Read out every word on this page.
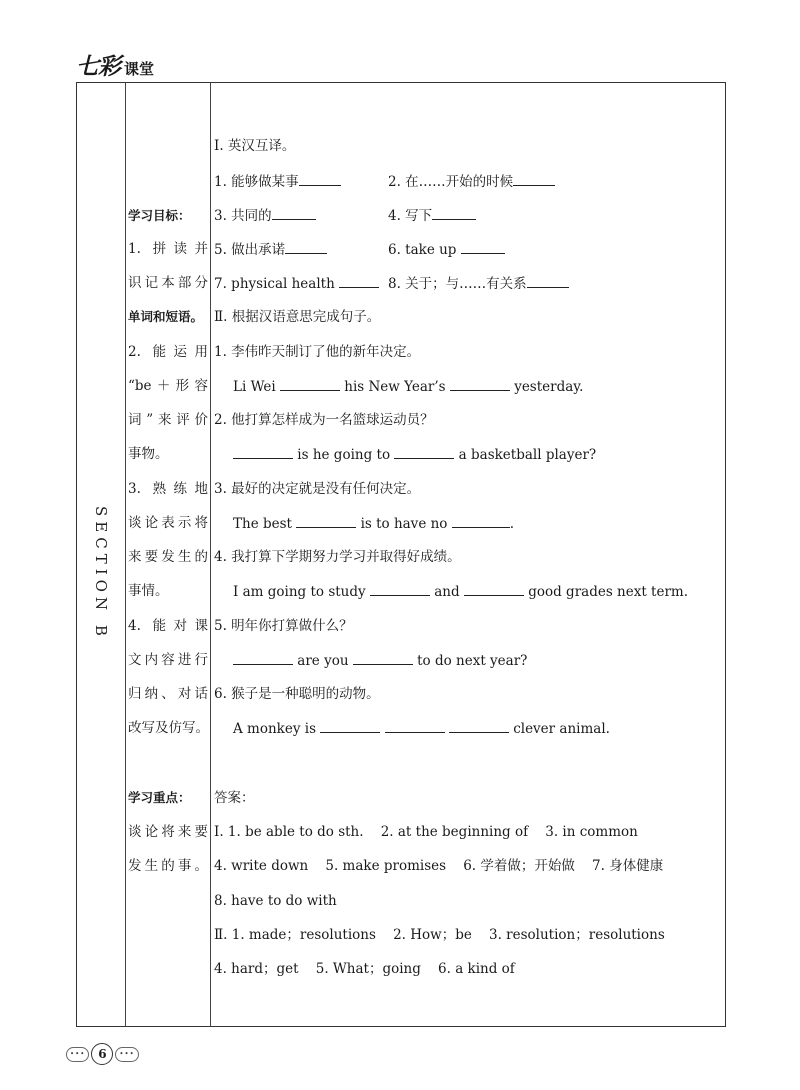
七彩 课堂
SECTION B
学习目标：
1. 拼读并
识记本部分
单词和短语。
2. 能运用
“be＋形容
词”来评价
事物。
3. 熟练地
谈论表示将
来要发生的
事情。
4. 能对课
文内容进行
归纳、对话
改写及仿写。
学习重点：
谈论将来要
发生的事。
Ⅰ. 英汉互译。
1. 能够做某事	2. 在……开始的时候
3. 共同的	4. 写下
5. 做出承诺	6. take up
7. physical health	8. 关于；与……有关系
Ⅱ. 根据汉语意思完成句子。
1. 李伟昨天制订了他的新年决定。
Li Wei	his New Year’s	yesterday.
2. 他打算怎样成为一名篮球运动员？
is he going to	a basketball player?
3. 最好的决定就是没有任何决定。
The best	is to have no	.
4. 我打算下学期努力学习并取得好成绩。
I am going to study	and	good grades next term.
5. 明年你打算做什么？
are you	to do next year?
6. 猴子是一种聪明的动物。
A monkey is	clever animal.
答案：
Ⅰ. 1. be able to do sth.    2. at the beginning of    3. in common
4. write down    5. make promises    6. 学着做；开始做    7. 身体健康
8. have to do with
Ⅱ. 1. made；resolutions    2. How；be    3. resolution；resolutions
4. hard；get    5. What；going    6. a kind of
•••	6	•••
